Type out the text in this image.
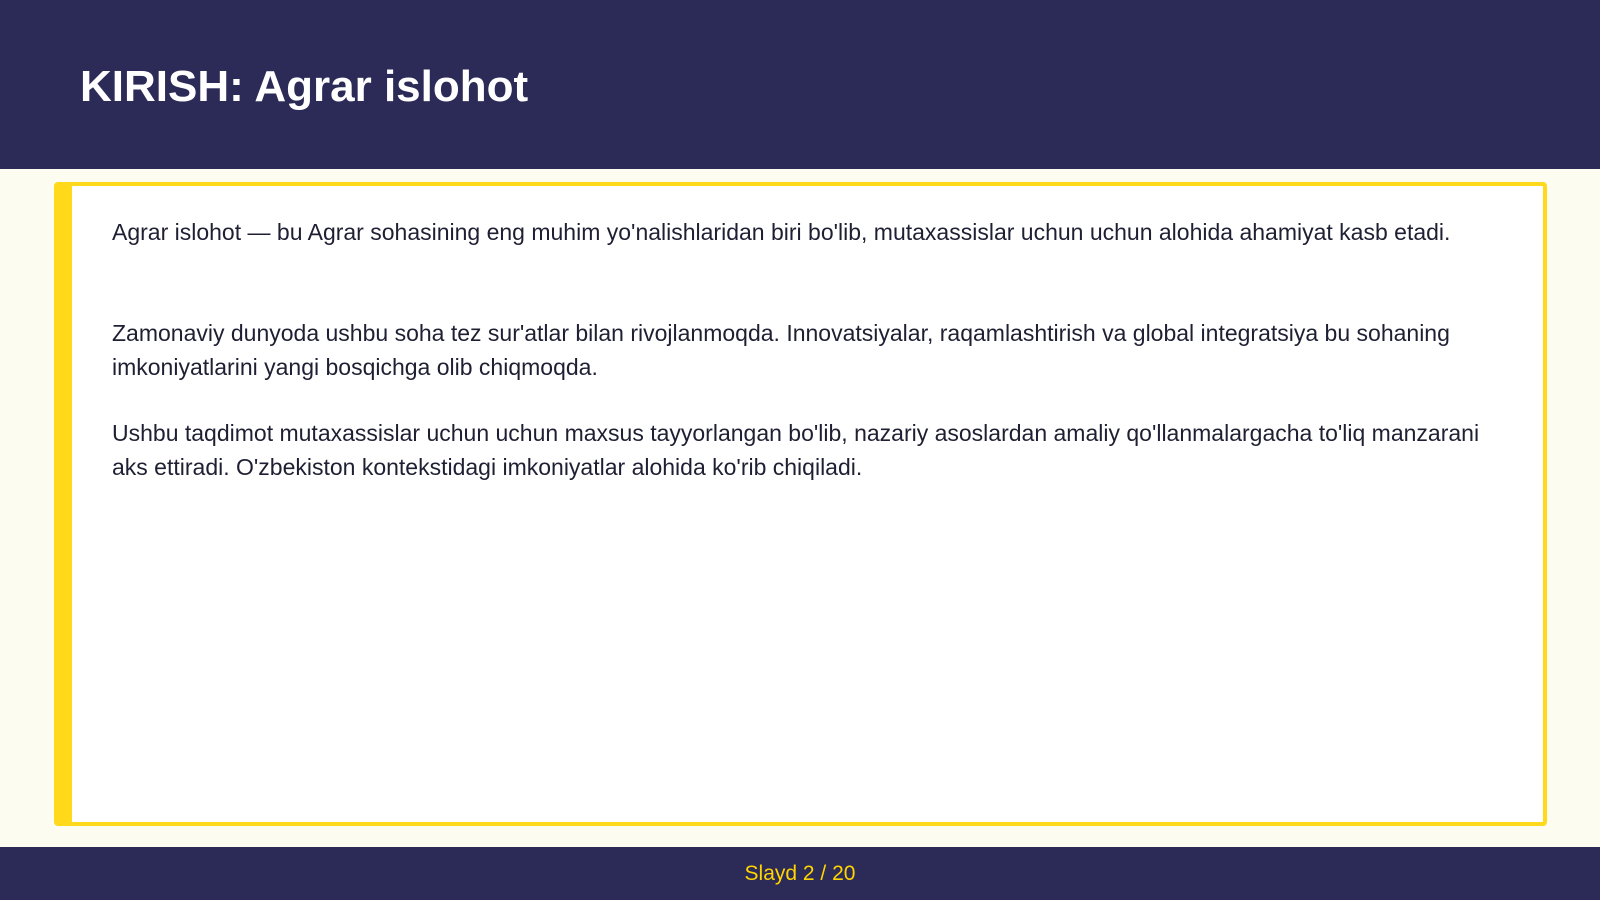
KIRISH: Agrar islohot

Agrar islohot — bu Agrar sohasining eng muhim yo'nalishlaridan biri bo'lib, mutaxassislar uchun uchun alohida ahamiyat kasb etadi.

Zamonaviy dunyoda ushbu soha tez sur'atlar bilan rivojlanmoqda. Innovatsiyalar, raqamlashtirish va global integratsiya bu sohaning imkoniyatlarini yangi bosqichga olib chiqmoqda.

Ushbu taqdimot mutaxassislar uchun uchun maxsus tayyorlangan bo'lib, nazariy asoslardan amaliy qo'llanmalargacha to'liq manzarani aks ettiradi. O'zbekiston kontekstidagi imkoniyatlar alohida ko'rib chiqiladi.

Slayd 2 / 20
